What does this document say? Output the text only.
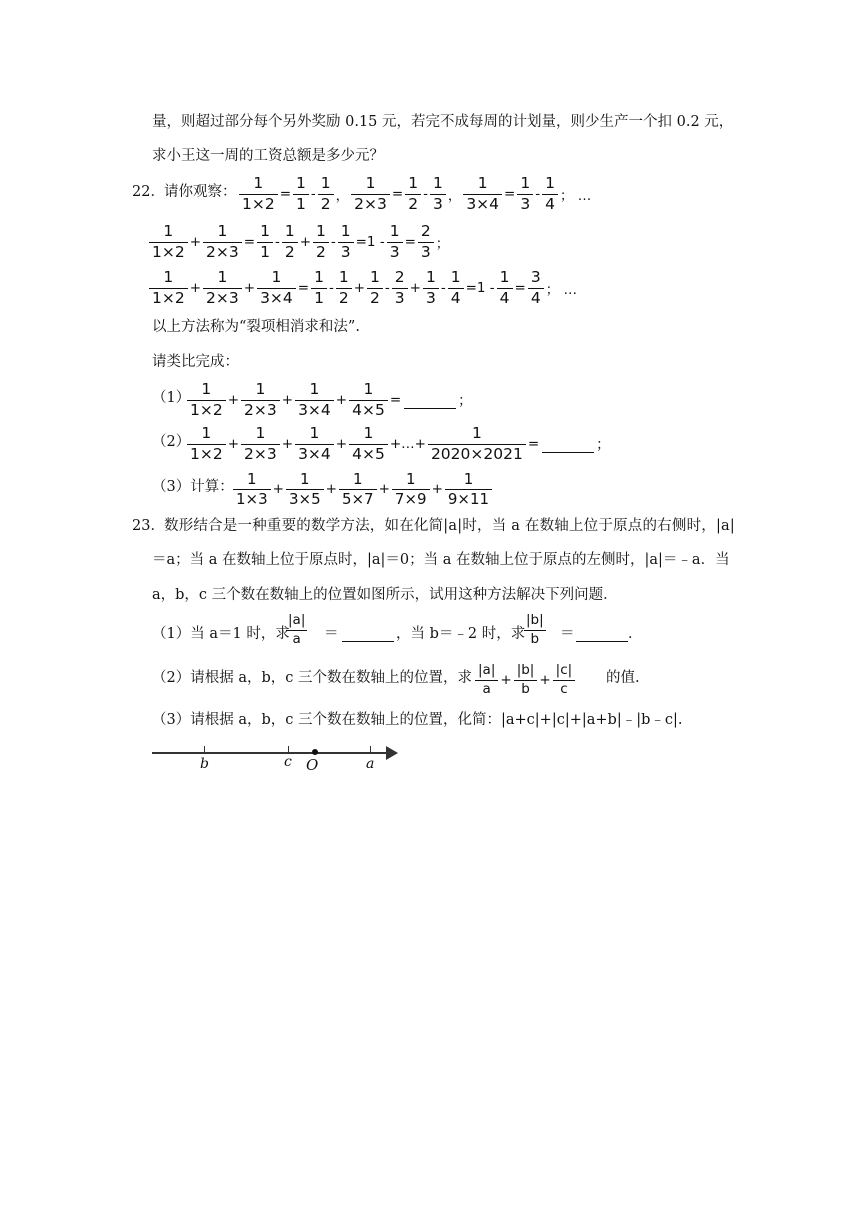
量，则超过部分每个另外奖励 0.15 元，若完不成每周的计划量，则少生产一个扣 0.2 元，
求小王这一周的工资总额是多少元？
22． 请你观察： 1
1×2
=
1
1
-
1
2 ，
1
2×3
=
1
2
-
1
3 ，
1
3×4
=
1
3
-
1
4 ； …
1
1×2
+
1
2×3
=
1
1
-
1
2
+
1
2
-
1
3
=1 -
1
3
=
2
3 ；
1
1×2
+
1
2×3
+
1
3×4
=
1
1
-
1
2
+
1
2
-
2
3
+
1
3
-
1
4
=1 -
1
4
=
3
4 ； …
以上方法称为“裂项相消求和法”.
请类比完成：
（1） 1
1×2
+
1
2×3
+
1
3×4
+
1
4×5
=	；
（2） 1
1×2
+
1
2×3
+
1
3×4
+
1
4×5
+…+
1
2020×2021
=	；
（3）计算： 1
1×3
+
1
3×5
+
1
5×7
+
1
7×9
+
1
9×11
23． 数形结合是一种重要的数学方法，如在化简|a|时，当 a 在数轴上位于原点的右侧时，|a|
＝a；当 a 在数轴上位于原点时，|a|＝0；当 a 在数轴上位于原点的左侧时，|a|＝﹣a．当
a，b，c 三个数在数轴上的位置如图所示，试用这种方法解决下列问题．
（1）当 a＝1 时，求
|a|
a ＝	，当 b＝﹣2 时，求
|b|
b ＝	．
（2）请根据 a，b，c 三个数在数轴上的位置，求 |a|
a
+
|b|
b
+
|c|
c
的值.
（3）请根据 a，b，c 三个数在数轴上的位置，化简：|a+c|+|c|+|a+b|﹣|b﹣c|.
b	c O	a
